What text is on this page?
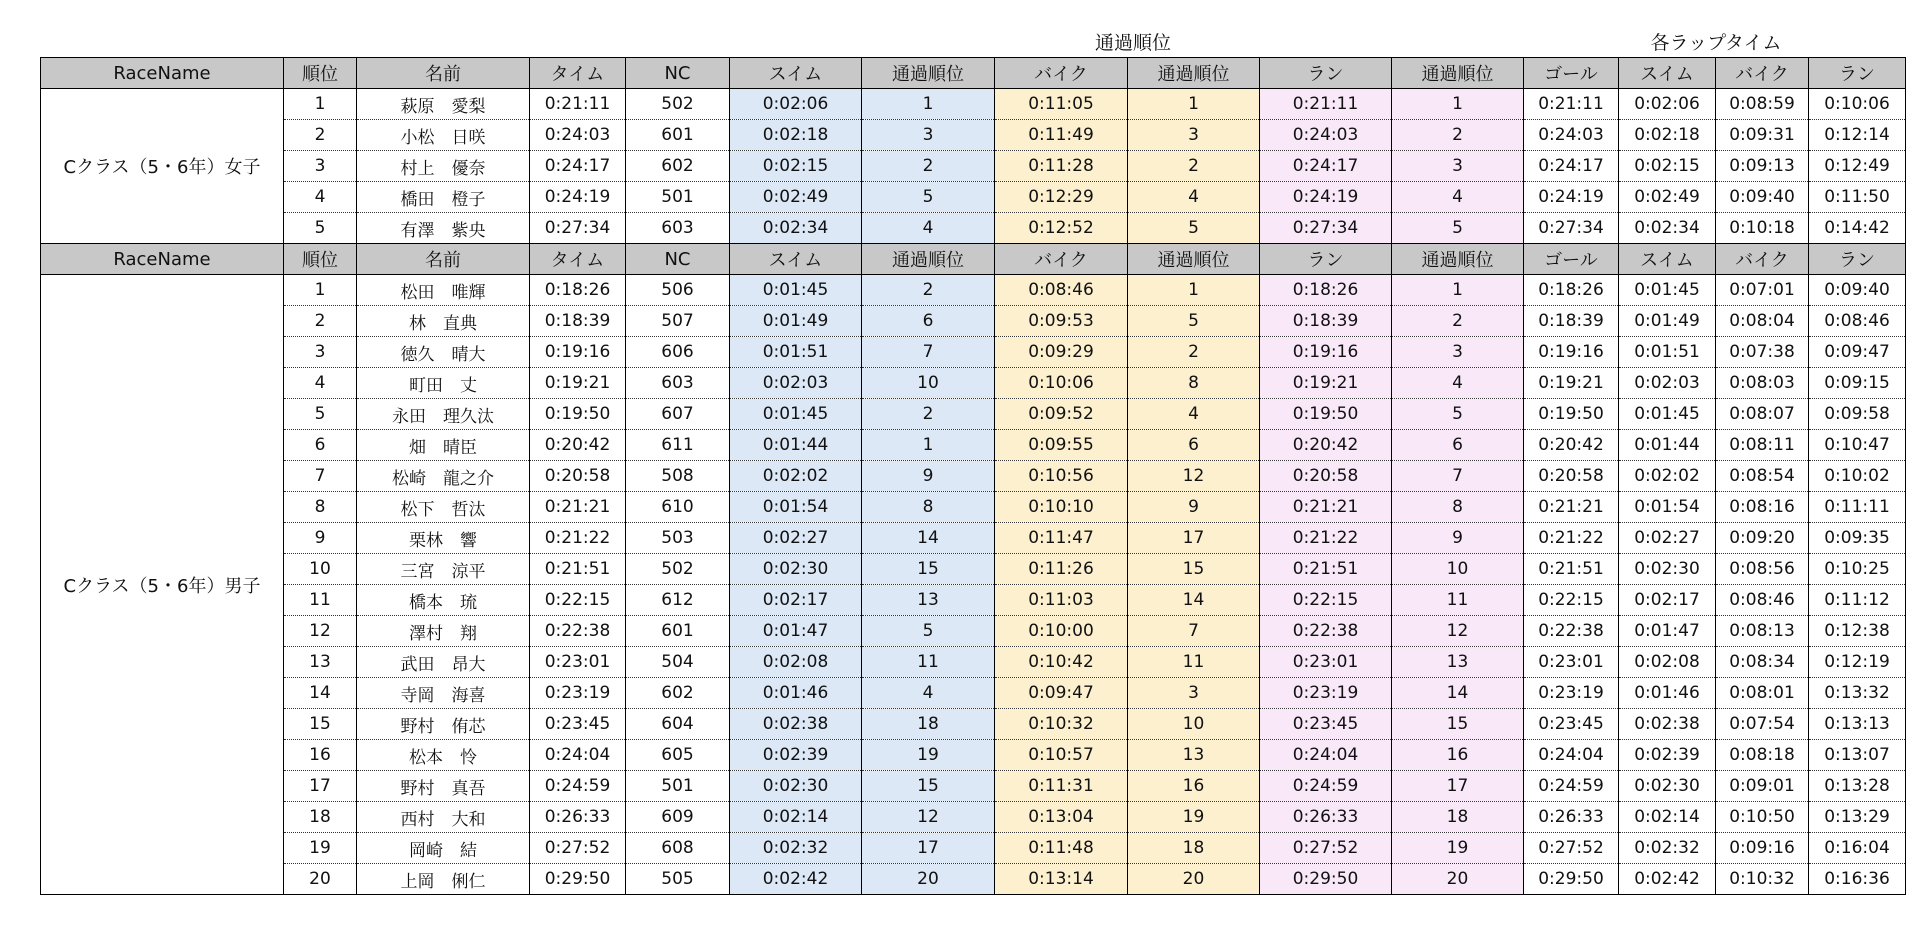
通過順位	各ラップタイム
RaceName	順位	名前	タイム	NC	スイム	通過順位	バイク	通過順位	ラン	通過順位	ゴール	スイム	バイク	ラン
Cクラス（5・6年）女子	1	萩原　愛梨	0:21:11	502	0:02:06	1	0:11:05	1	0:21:11	1	0:21:11	0:02:06	0:08:59	0:10:06
	2	小松　日咲	0:24:03	601	0:02:18	3	0:11:49	3	0:24:03	2	0:24:03	0:02:18	0:09:31	0:12:14
	3	村上　優奈	0:24:17	602	0:02:15	2	0:11:28	2	0:24:17	3	0:24:17	0:02:15	0:09:13	0:12:49
	4	橋田　橙子	0:24:19	501	0:02:49	5	0:12:29	4	0:24:19	4	0:24:19	0:02:49	0:09:40	0:11:50
	5	有澤　紫央	0:27:34	603	0:02:34	4	0:12:52	5	0:27:34	5	0:27:34	0:02:34	0:10:18	0:14:42
RaceName	順位	名前	タイム	NC	スイム	通過順位	バイク	通過順位	ラン	通過順位	ゴール	スイム	バイク	ラン
Cクラス（5・6年）男子	1	松田　唯輝	0:18:26	506	0:01:45	2	0:08:46	1	0:18:26	1	0:18:26	0:01:45	0:07:01	0:09:40
	2	林　直典	0:18:39	507	0:01:49	6	0:09:53	5	0:18:39	2	0:18:39	0:01:49	0:08:04	0:08:46
	3	徳久　晴大	0:19:16	606	0:01:51	7	0:09:29	2	0:19:16	3	0:19:16	0:01:51	0:07:38	0:09:47
	4	町田　丈	0:19:21	603	0:02:03	10	0:10:06	8	0:19:21	4	0:19:21	0:02:03	0:08:03	0:09:15
	5	永田　理久汰	0:19:50	607	0:01:45	2	0:09:52	4	0:19:50	5	0:19:50	0:01:45	0:08:07	0:09:58
	6	畑　晴臣	0:20:42	611	0:01:44	1	0:09:55	6	0:20:42	6	0:20:42	0:01:44	0:08:11	0:10:47
	7	松崎　龍之介	0:20:58	508	0:02:02	9	0:10:56	12	0:20:58	7	0:20:58	0:02:02	0:08:54	0:10:02
	8	松下　哲汰	0:21:21	610	0:01:54	8	0:10:10	9	0:21:21	8	0:21:21	0:01:54	0:08:16	0:11:11
	9	栗林　響	0:21:22	503	0:02:27	14	0:11:47	17	0:21:22	9	0:21:22	0:02:27	0:09:20	0:09:35
	10	三宮　涼平	0:21:51	502	0:02:30	15	0:11:26	15	0:21:51	10	0:21:51	0:02:30	0:08:56	0:10:25
	11	橋本　琉	0:22:15	612	0:02:17	13	0:11:03	14	0:22:15	11	0:22:15	0:02:17	0:08:46	0:11:12
	12	澤村　翔	0:22:38	601	0:01:47	5	0:10:00	7	0:22:38	12	0:22:38	0:01:47	0:08:13	0:12:38
	13	武田　昂大	0:23:01	504	0:02:08	11	0:10:42	11	0:23:01	13	0:23:01	0:02:08	0:08:34	0:12:19
	14	寺岡　海喜	0:23:19	602	0:01:46	4	0:09:47	3	0:23:19	14	0:23:19	0:01:46	0:08:01	0:13:32
	15	野村　侑芯	0:23:45	604	0:02:38	18	0:10:32	10	0:23:45	15	0:23:45	0:02:38	0:07:54	0:13:13
	16	松本　怜	0:24:04	605	0:02:39	19	0:10:57	13	0:24:04	16	0:24:04	0:02:39	0:08:18	0:13:07
	17	野村　真吾	0:24:59	501	0:02:30	15	0:11:31	16	0:24:59	17	0:24:59	0:02:30	0:09:01	0:13:28
	18	西村　大和	0:26:33	609	0:02:14	12	0:13:04	19	0:26:33	18	0:26:33	0:02:14	0:10:50	0:13:29
	19	岡崎　結	0:27:52	608	0:02:32	17	0:11:48	18	0:27:52	19	0:27:52	0:02:32	0:09:16	0:16:04
	20	上岡　俐仁	0:29:50	505	0:02:42	20	0:13:14	20	0:29:50	20	0:29:50	0:02:42	0:10:32	0:16:36
